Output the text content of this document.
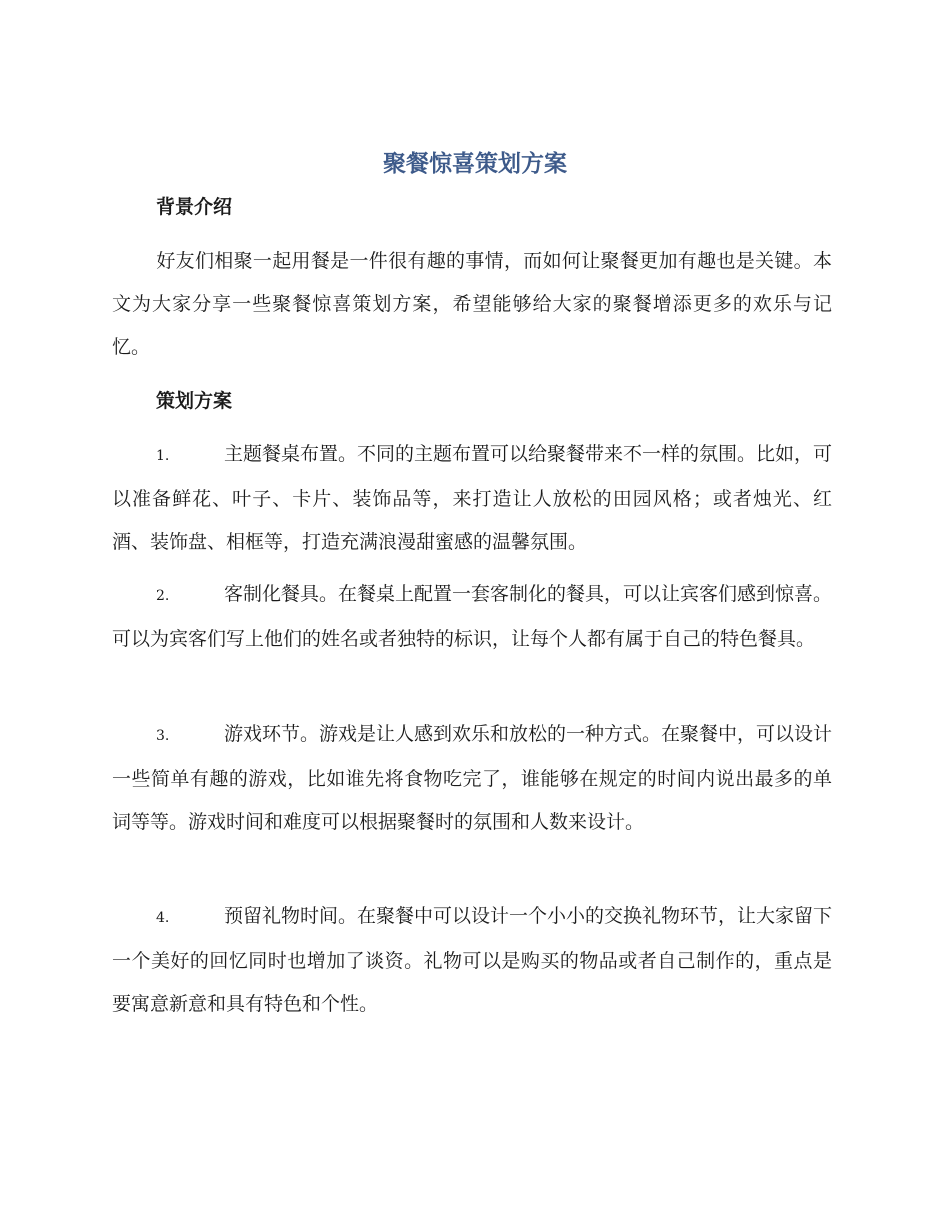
聚餐惊喜策划方案
背景介绍
好友们相聚一起用餐是一件很有趣的事情，而如何让聚餐更加有趣也是关键。本文为大家分享一些聚餐惊喜策划方案，希望能够给大家的聚餐增添更多的欢乐与记忆。
策划方案
1.	主题餐桌布置。不同的主题布置可以给聚餐带来不一样的氛围。比如，可以准备鲜花、叶子、卡片、装饰品等，来打造让人放松的田园风格；或者烛光、红酒、装饰盘、相框等，打造充满浪漫甜蜜感的温馨氛围。
2.	客制化餐具。在餐桌上配置一套客制化的餐具，可以让宾客们感到惊喜。可以为宾客们写上他们的姓名或者独特的标识，让每个人都有属于自己的特色餐具。
3.	游戏环节。游戏是让人感到欢乐和放松的一种方式。在聚餐中，可以设计一些简单有趣的游戏，比如谁先将食物吃完了，谁能够在规定的时间内说出最多的单词等等。游戏时间和难度可以根据聚餐时的氛围和人数来设计。
4.	预留礼物时间。在聚餐中可以设计一个小小的交换礼物环节，让大家留下一个美好的回忆同时也增加了谈资。礼物可以是购买的物品或者自己制作的，重点是要寓意新意和具有特色和个性。
